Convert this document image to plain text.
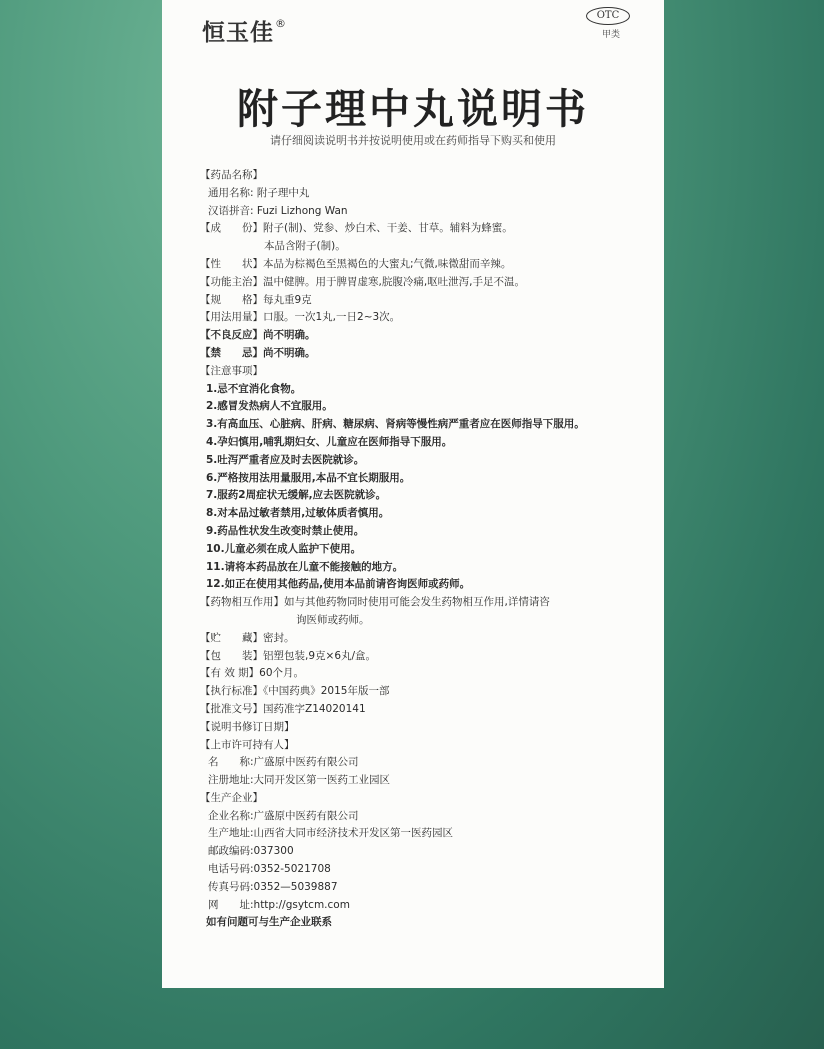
恒玉佳®
OTC
甲类
附子理中丸说明书
请仔细阅读说明书并按说明使用或在药师指导下购买和使用
【药品名称】
通用名称: 附子理中丸
汉语拼音: Fuzi Lizhong Wan
【成　　份】附子(制)、党参、炒白术、干姜、甘草。辅料为蜂蜜。
本品含附子(制)。
【性　　状】本品为棕褐色至黑褐色的大蜜丸;气微,味微甜而辛辣。
【功能主治】温中健脾。用于脾胃虚寒,脘腹冷痛,呕吐泄泻,手足不温。
【规　　格】每丸重9克
【用法用量】口服。一次1丸,一日2~3次。
【不良反应】尚不明确。
【禁　　忌】尚不明确。
【注意事项】
1.忌不宜消化食物。
2.感冒发热病人不宜服用。
3.有高血压、心脏病、肝病、糖尿病、肾病等慢性病严重者应在医师指导下服用。
4.孕妇慎用,哺乳期妇女、儿童应在医师指导下服用。
5.吐泻严重者应及时去医院就诊。
6.严格按用法用量服用,本品不宜长期服用。
7.服药2周症状无缓解,应去医院就诊。
8.对本品过敏者禁用,过敏体质者慎用。
9.药品性状发生改变时禁止使用。
10.儿童必须在成人监护下使用。
11.请将本药品放在儿童不能接触的地方。
12.如正在使用其他药品,使用本品前请咨询医师或药师。
【药物相互作用】如与其他药物同时使用可能会发生药物相互作用,详情请咨
询医师或药师。
【贮　　藏】密封。
【包　　装】铝塑包装,9克×6丸/盒。
【有 效 期】60个月。
【执行标准】《中国药典》2015年版一部
【批准文号】国药准字Z14020141
【说明书修订日期】
【上市许可持有人】
名　　称:广盛原中医药有限公司
注册地址:大同开发区第一医药工业园区
【生产企业】
企业名称:广盛原中医药有限公司
生产地址:山西省大同市经济技术开发区第一医药园区
邮政编码:037300
电话号码:0352-5021708
传真号码:0352—5039887
网　　址:http://gsytcm.com
如有问题可与生产企业联系
